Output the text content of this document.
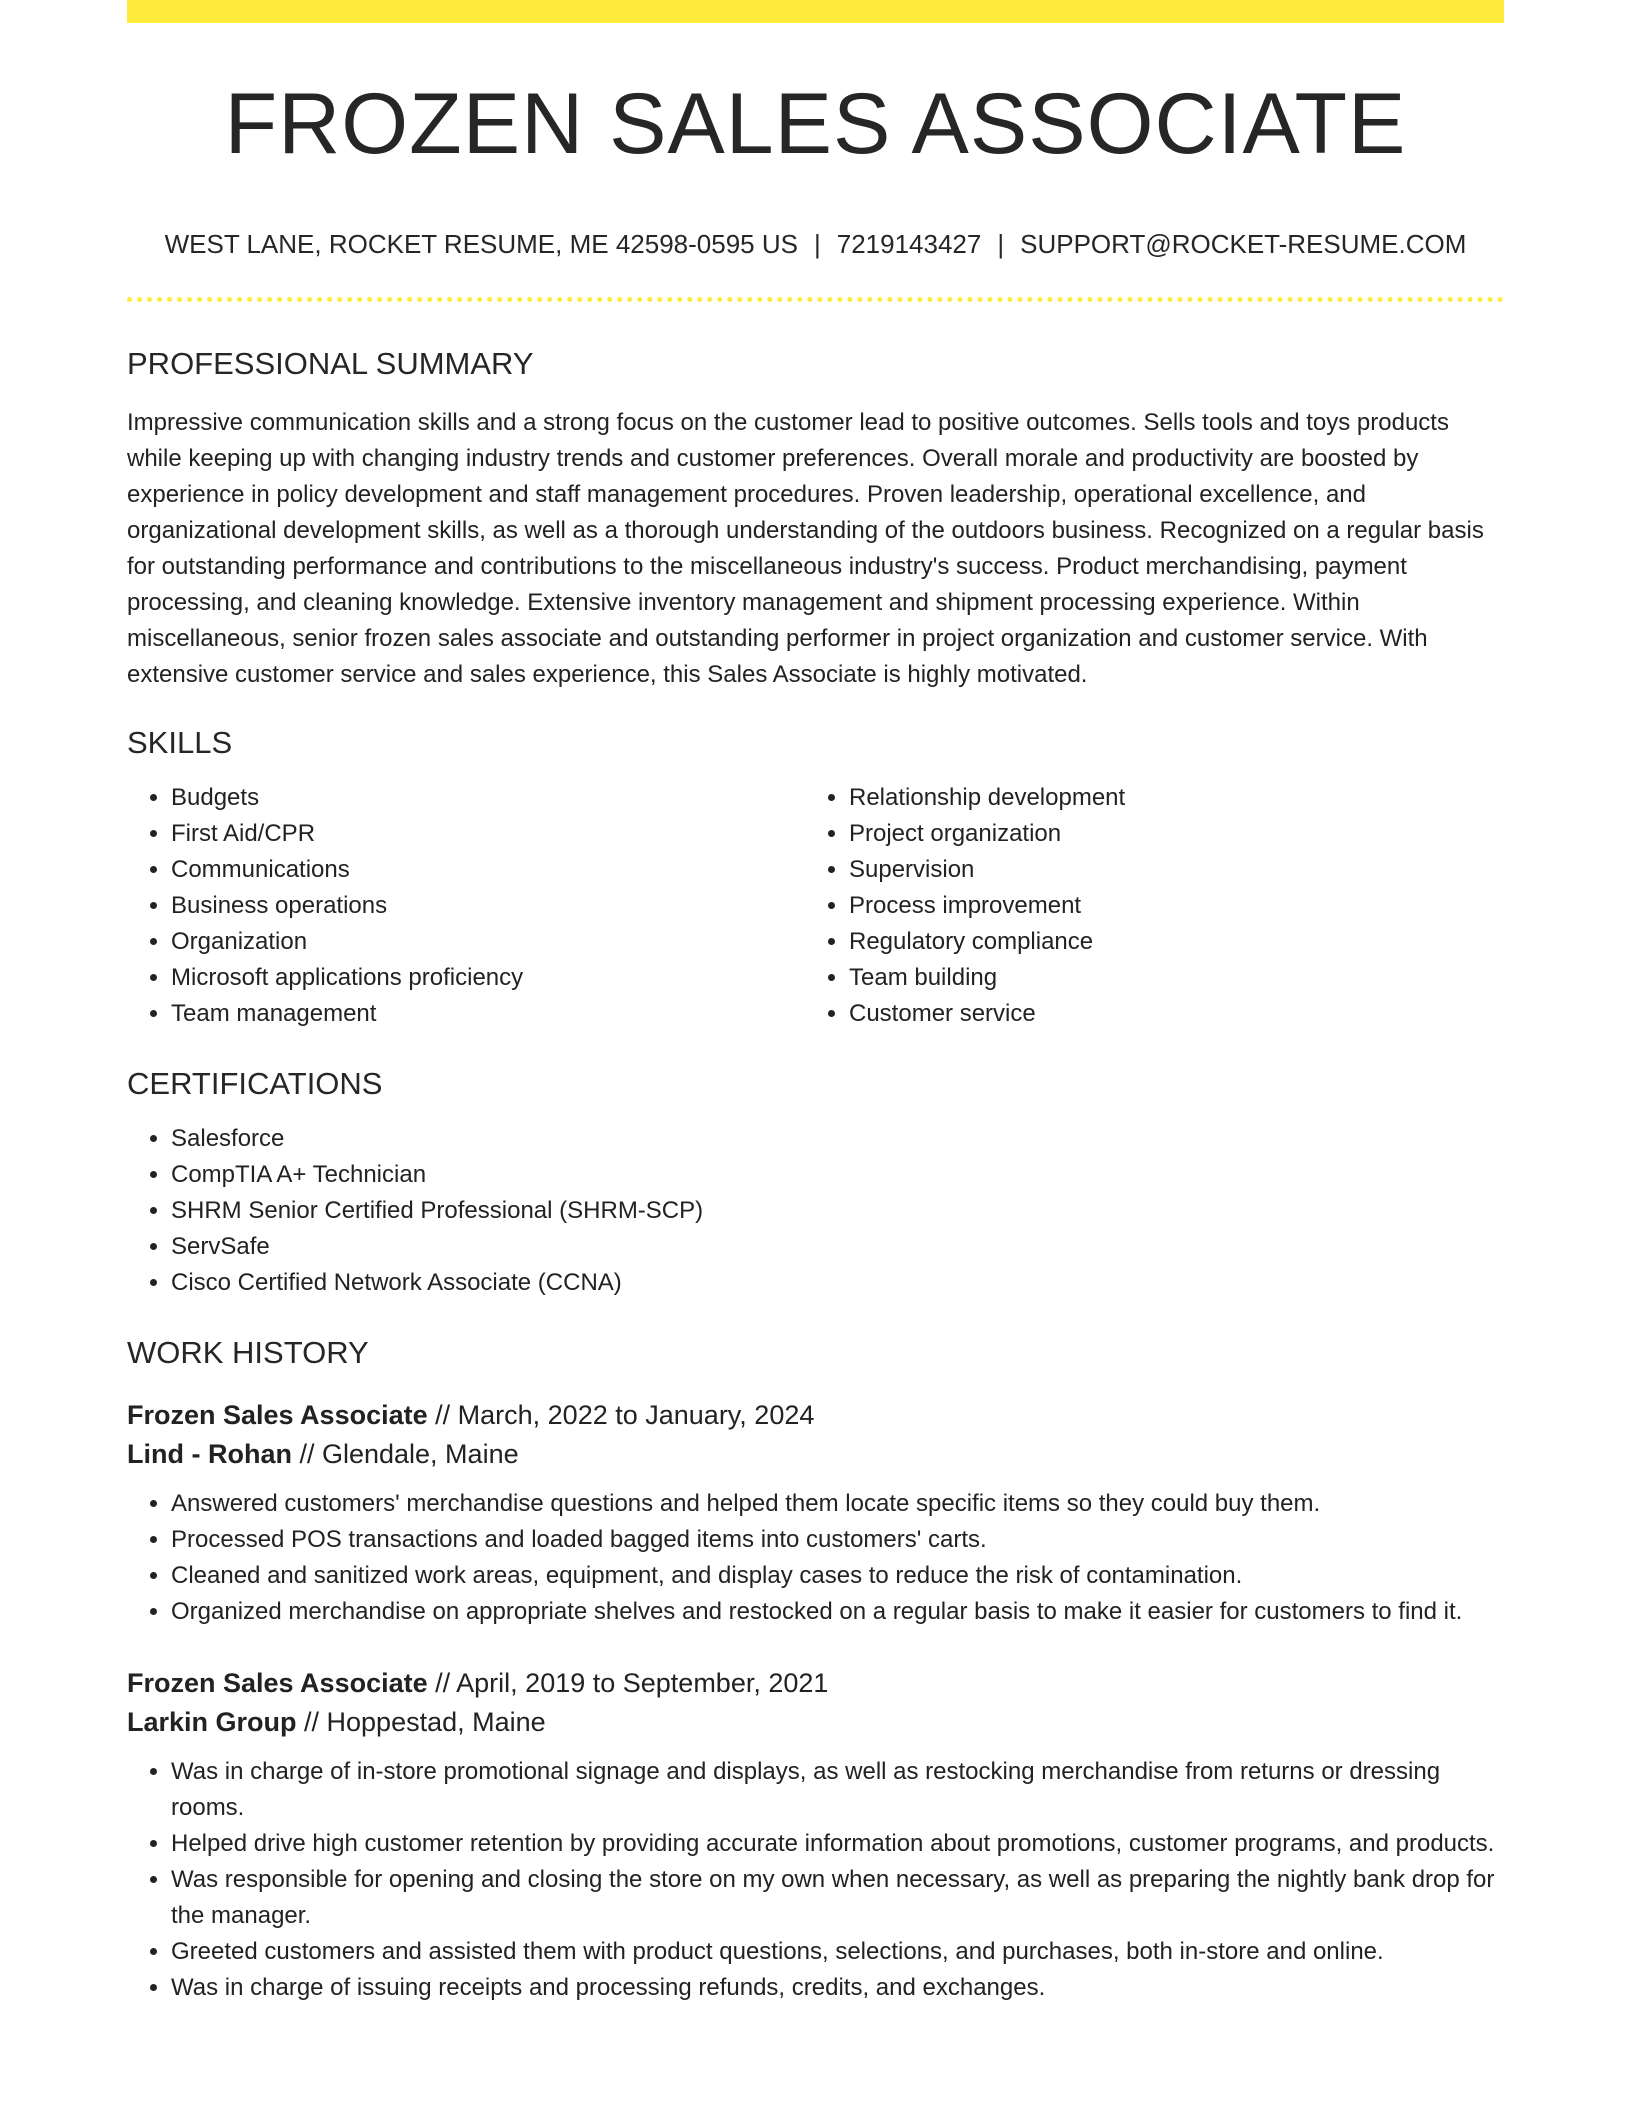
FROZEN SALES ASSOCIATE
WEST LANE, ROCKET RESUME, ME 42598-0595 US | 7219143427 | SUPPORT@ROCKET-RESUME.COM
PROFESSIONAL SUMMARY

Impressive communication skills and a strong focus on the customer lead to positive outcomes. Sells tools and toys products while keeping up with changing industry trends and customer preferences. Overall morale and productivity are boosted by experience in policy development and staff management procedures. Proven leadership, operational excellence, and organizational development skills, as well as a thorough understanding of the outdoors business. Recognized on a regular basis for outstanding performance and contributions to the miscellaneous industry's success. Product merchandising, payment processing, and cleaning knowledge. Extensive inventory management and shipment processing experience. Within miscellaneous, senior frozen sales associate and outstanding performer in project organization and customer service. With extensive customer service and sales experience, this Sales Associate is highly motivated.

SKILLS
• Budgets
• First Aid/CPR
• Communications
• Business operations
• Organization
• Microsoft applications proficiency
• Team management
• Relationship development
• Project organization
• Supervision
• Process improvement
• Regulatory compliance
• Team building
• Customer service
CERTIFICATIONS
• Salesforce
• CompTIA A+ Technician
• SHRM Senior Certified Professional (SHRM-SCP)
• ServSafe
• Cisco Certified Network Associate (CCNA)
WORK HISTORY
Frozen Sales Associate // March, 2022 to January, 2024
Lind - Rohan // Glendale, Maine
• Answered customers' merchandise questions and helped them locate specific items so they could buy them.
• Processed POS transactions and loaded bagged items into customers' carts.
• Cleaned and sanitized work areas, equipment, and display cases to reduce the risk of contamination.
• Organized merchandise on appropriate shelves and restocked on a regular basis to make it easier for customers to find it.
Frozen Sales Associate // April, 2019 to September, 2021
Larkin Group // Hoppestad, Maine
• Was in charge of in-store promotional signage and displays, as well as restocking merchandise from returns or dressing rooms.
• Helped drive high customer retention by providing accurate information about promotions, customer programs, and products.
• Was responsible for opening and closing the store on my own when necessary, as well as preparing the nightly bank drop for the manager.
• Greeted customers and assisted them with product questions, selections, and purchases, both in-store and online.
• Was in charge of issuing receipts and processing refunds, credits, and exchanges.
